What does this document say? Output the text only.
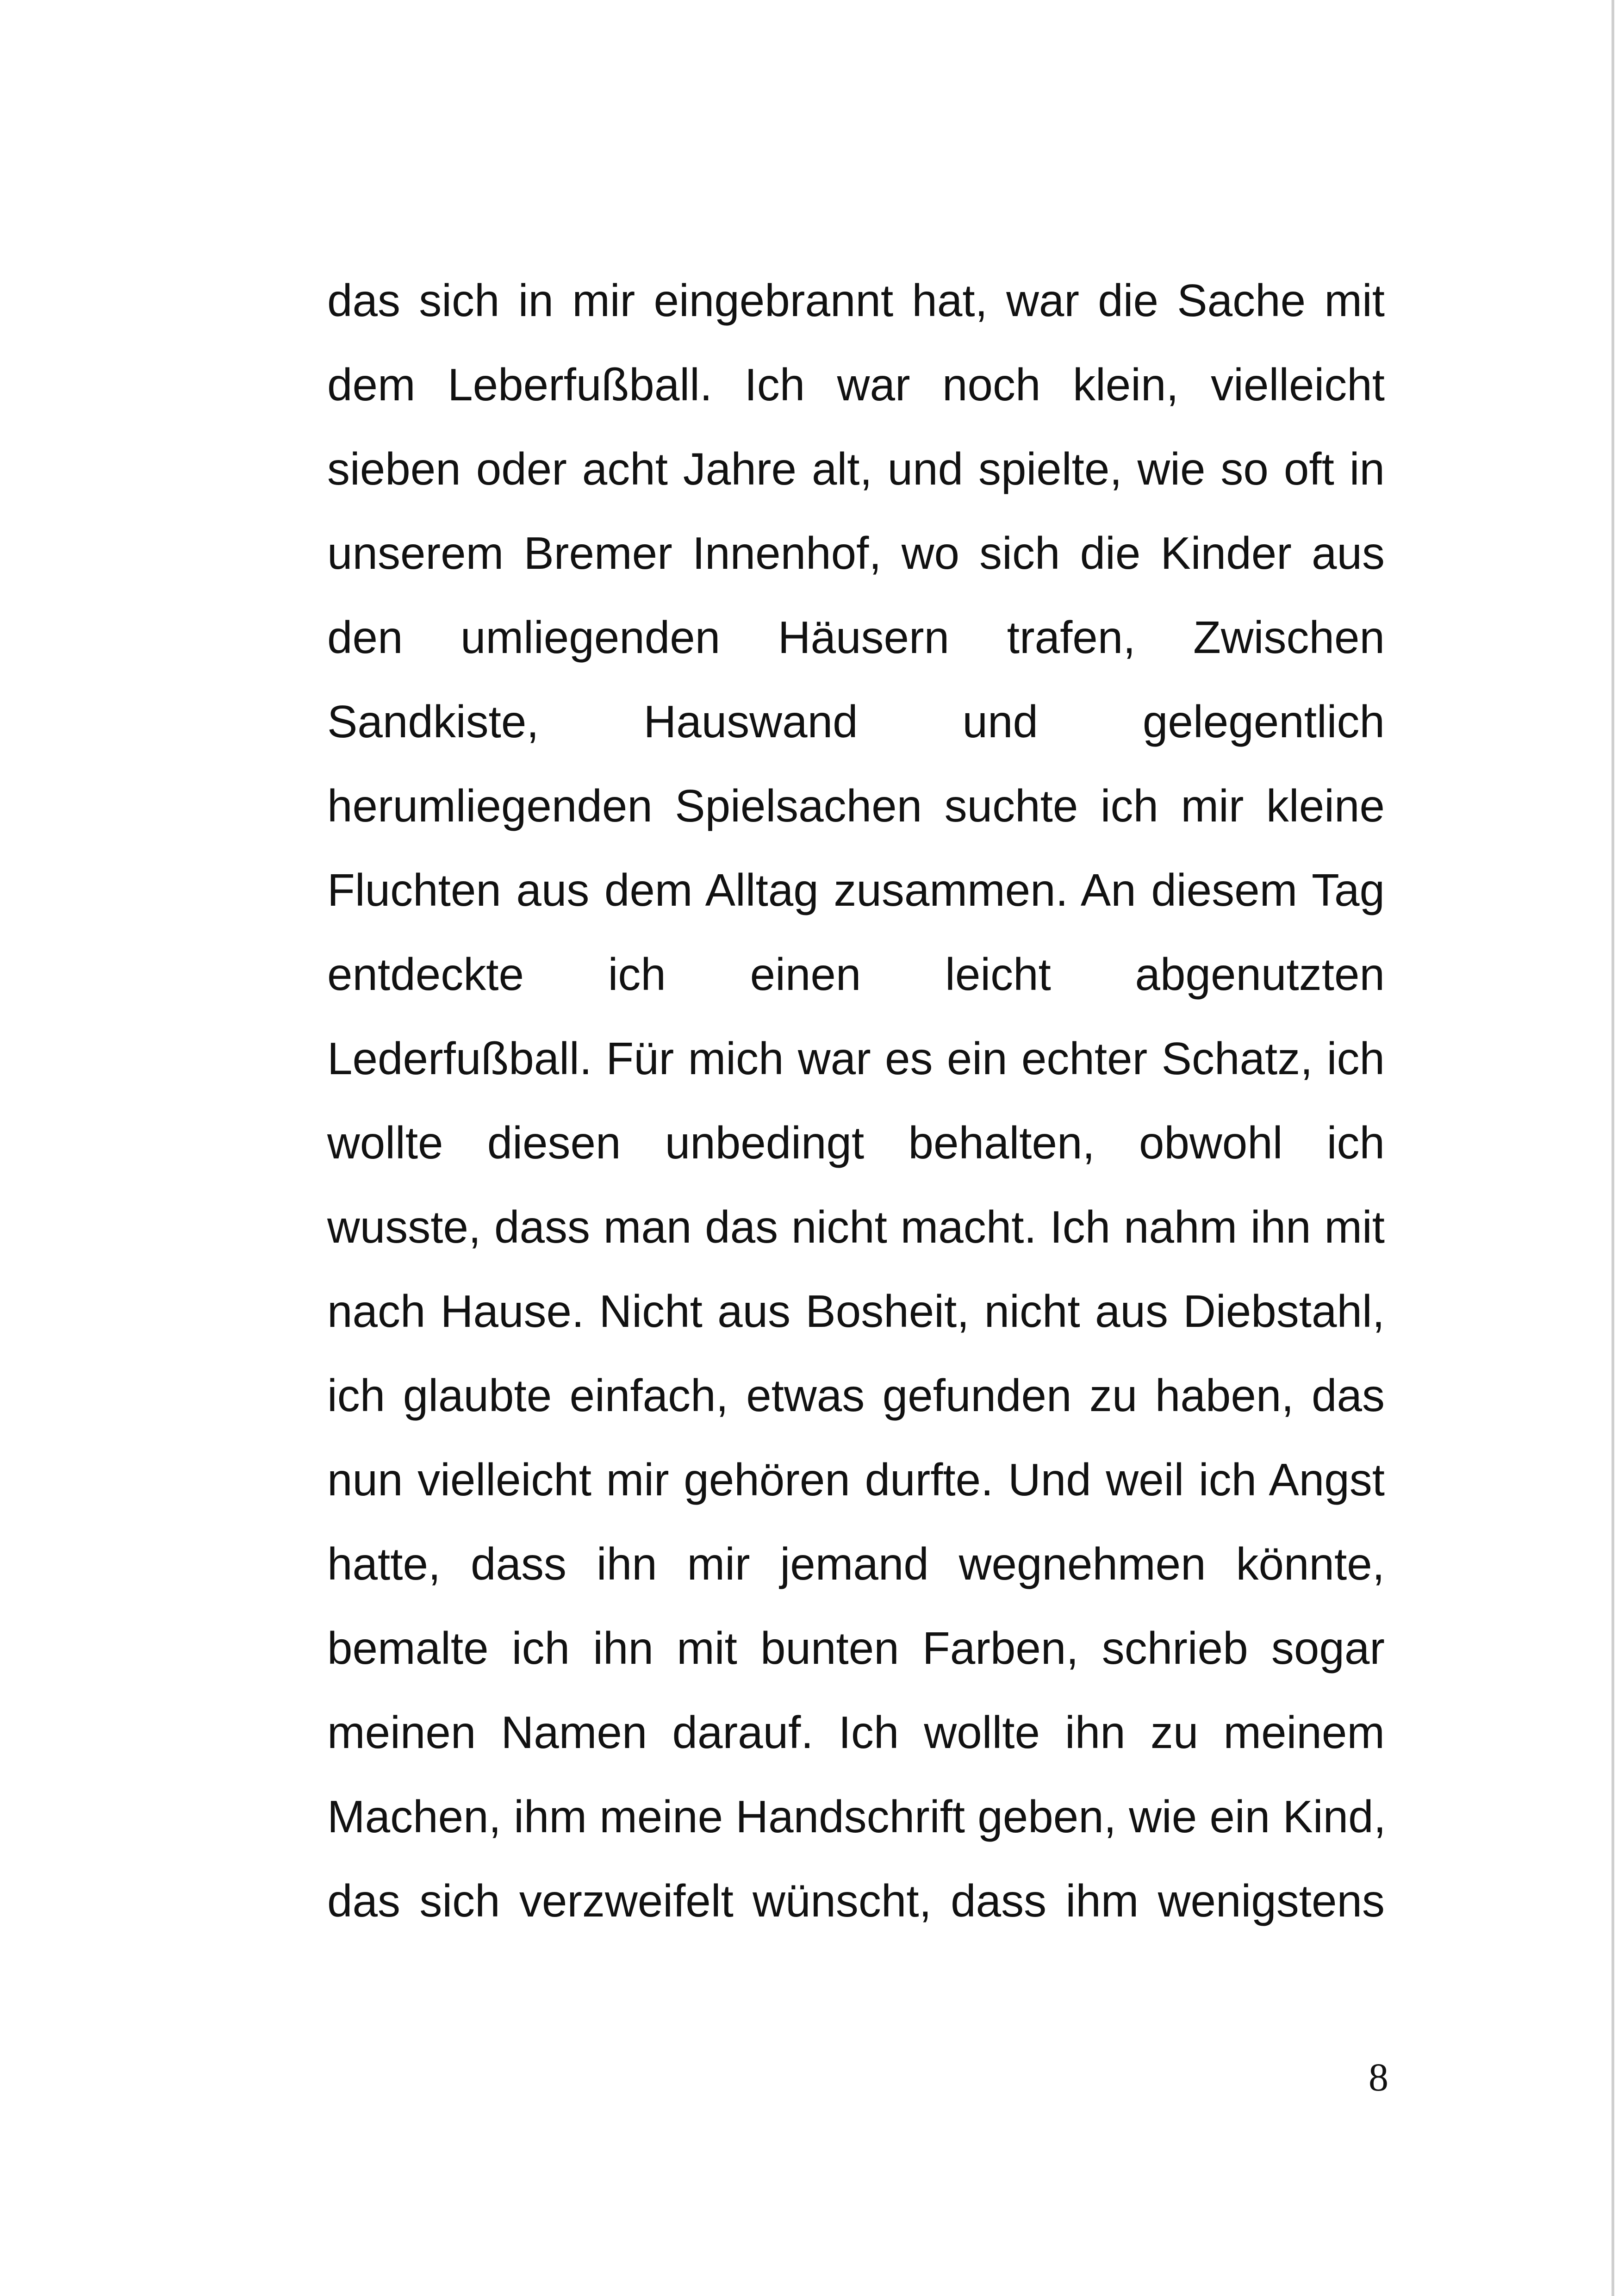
das sich in mir eingebrannt hat, war die Sache mit
dem Leberfußball. Ich war noch klein, vielleicht
sieben oder acht Jahre alt, und spielte, wie so oft in
unserem Bremer Innenhof, wo sich die Kinder aus
den umliegenden Häusern trafen, Zwischen
Sandkiste, Hauswand und gelegentlich
herumliegenden Spielsachen suchte ich mir kleine
Fluchten aus dem Alltag zusammen. An diesem Tag
entdeckte ich einen leicht abgenutzten
Lederfußball. Für mich war es ein echter Schatz, ich
wollte diesen unbedingt behalten, obwohl ich
wusste, dass man das nicht macht. Ich nahm ihn mit
nach Hause. Nicht aus Bosheit, nicht aus Diebstahl,
ich glaubte einfach, etwas gefunden zu haben, das
nun vielleicht mir gehören durfte. Und weil ich Angst
hatte, dass ihn mir jemand wegnehmen könnte,
bemalte ich ihn mit bunten Farben, schrieb sogar
meinen Namen darauf. Ich wollte ihn zu meinem
Machen, ihm meine Handschrift geben, wie ein Kind,
das sich verzweifelt wünscht, dass ihm wenigstens
8
